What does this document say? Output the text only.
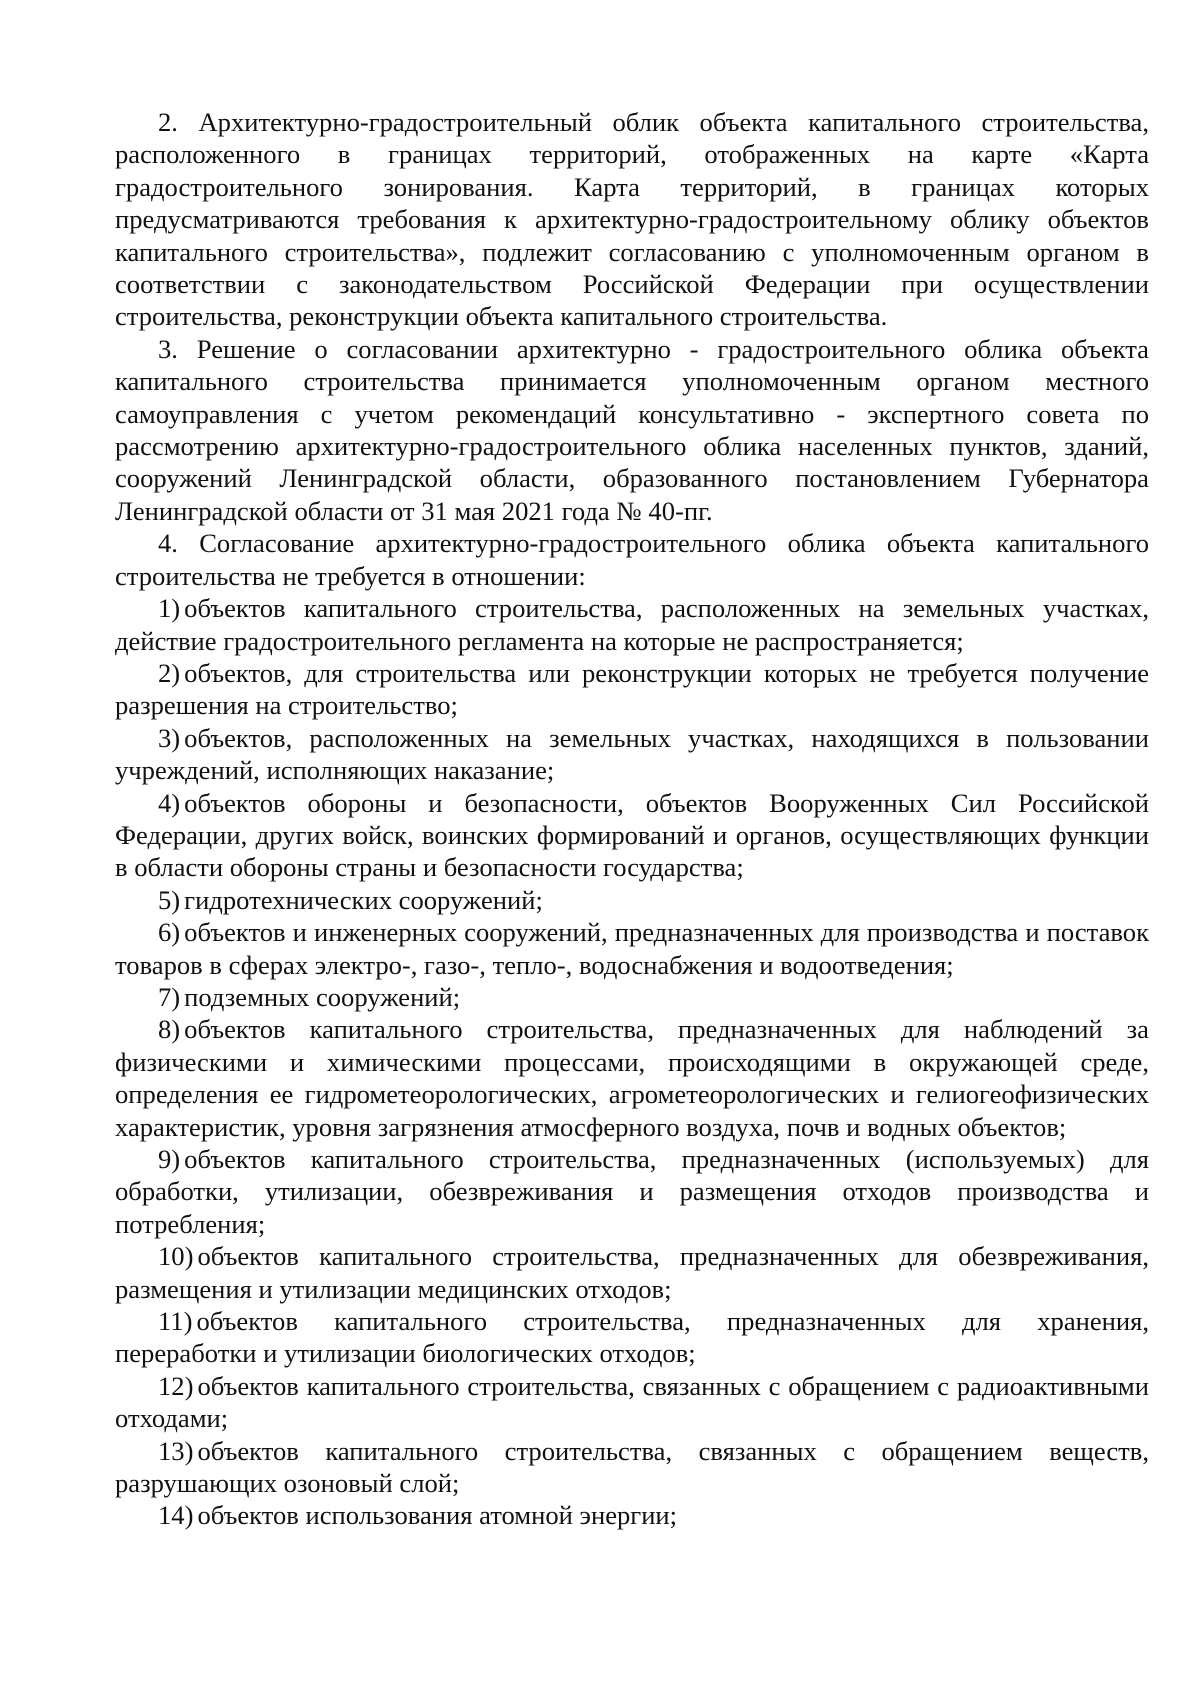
2. Архитектурно-градостроительный облик объекта капитального строительства, расположенного в границах территорий, отображенных на карте «Карта градостроительного зонирования. Карта территорий, в границах которых предусматриваются требования к архитектурно-градостроительному облику объектов капитального строительства», подлежит согласованию с уполномоченным органом в соответствии с законодательством Российской Федерации при осуществлении строительства, реконструкции объекта капитального строительства.

3. Решение о согласовании архитектурно - градостроительного облика объекта капитального строительства принимается уполномоченным органом местного самоуправления с учетом рекомендаций консультативно - экспертного совета по рассмотрению архитектурно-градостроительного облика населенных пунктов, зданий, сооружений Ленинградской области, образованного постановлением Губернатора Ленинградской области от 31 мая 2021 года № 40-пг.

4. Согласование архитектурно-градостроительного облика объекта капитального строительства не требуется в отношении:

1) объектов капитального строительства, расположенных на земельных участках, действие градостроительного регламента на которые не распространяется;

2) объектов, для строительства или реконструкции которых не требуется получение разрешения на строительство;

3) объектов, расположенных на земельных участках, находящихся в пользовании учреждений, исполняющих наказание;

4) объектов обороны и безопасности, объектов Вооруженных Сил Российской Федерации, других войск, воинских формирований и органов, осуществляющих функции в области обороны страны и безопасности государства;

5) гидротехнических сооружений;

6) объектов и инженерных сооружений, предназначенных для производства и поставок товаров в сферах электро-, газо-, тепло-, водоснабжения и водоотведения;

7) подземных сооружений;

8) объектов капитального строительства, предназначенных для наблюдений за физическими и химическими процессами, происходящими в окружающей среде, определения ее гидрометеорологических, агрометеорологических и гелиогеофизических характеристик, уровня загрязнения атмосферного воздуха, почв и водных объектов;

9) объектов капитального строительства, предназначенных (используемых) для обработки, утилизации, обезвреживания и размещения отходов производства и потребления;

10) объектов капитального строительства, предназначенных для обезвреживания, размещения и утилизации медицинских отходов;

11) объектов капитального строительства, предназначенных для хранения, переработки и утилизации биологических отходов;

12) объектов капитального строительства, связанных с обращением с радиоактивными отходами;

13) объектов капитального строительства, связанных с обращением веществ, разрушающих озоновый слой;

14) объектов использования атомной энергии;
